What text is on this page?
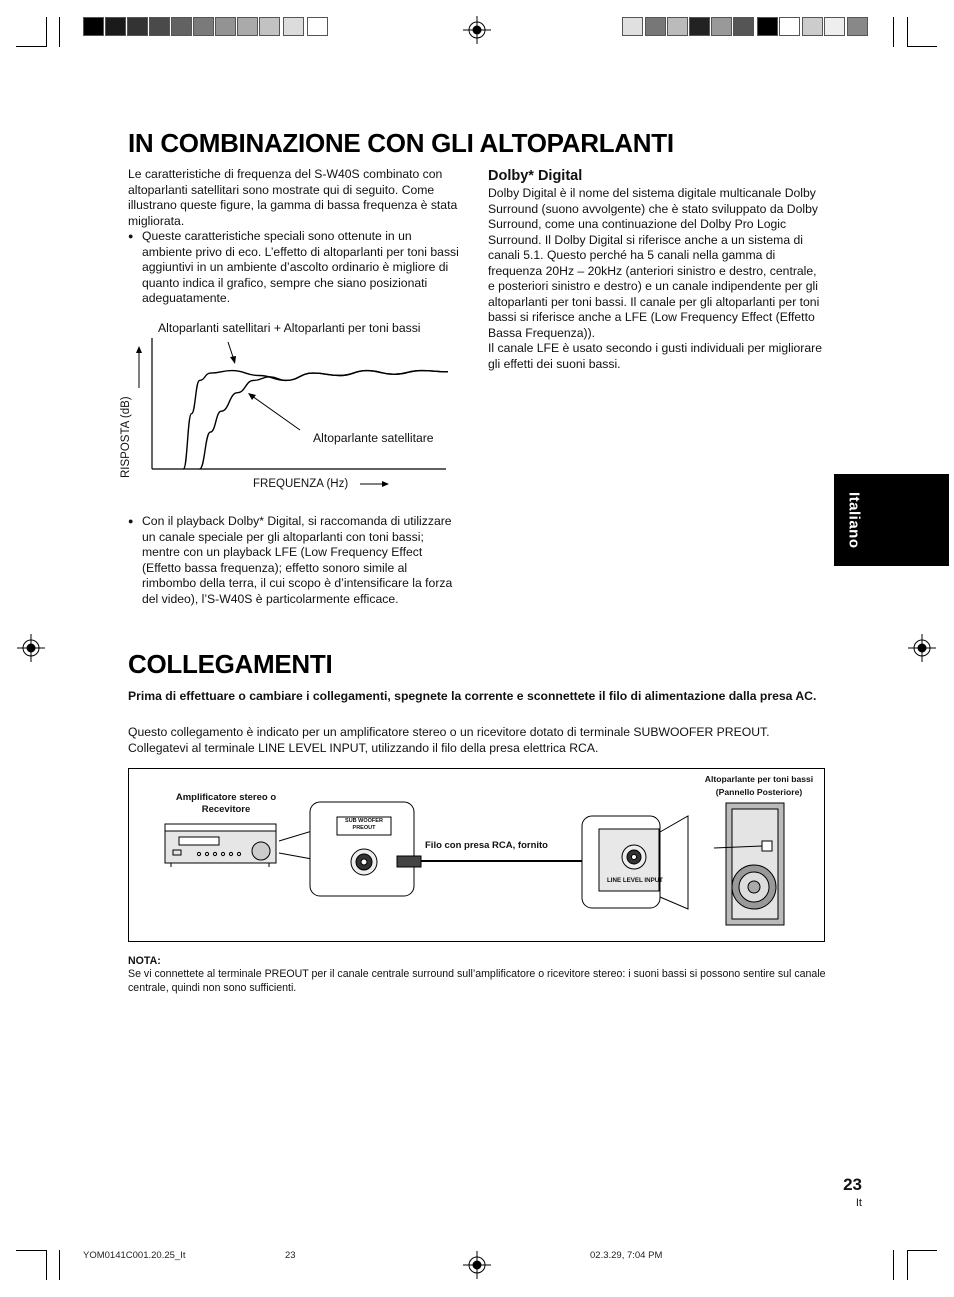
IN COMBINAZIONE CON GLI ALTOPARLANTI
Le caratteristiche di frequenza del S-W40S combinato con altoparlanti satellitari sono mostrate qui di seguito. Come illustrano queste figure, la gamma di bassa frequenza è stata migliorata.
● Queste caratteristiche speciali sono ottenute in un ambiente privo di eco. L’effetto di altoparlanti per toni bassi aggiuntivi in un ambiente d’ascolto ordinario è migliore di quanto indica il grafico, sempre che siano posizionati adeguatamente.
Altoparlanti satellitari + Altoparlanti per toni bassi
Altoparlante satellitare
RISPOSTA (dB)
FREQUENZA (Hz)
● Con il playback Dolby* Digital, si raccomanda di utilizzare un canale speciale per gli altoparlanti con toni bassi; mentre con un playback LFE (Low Frequency Effect (Effetto bassa frequenza); effetto sonoro simile al rimbombo della terra, il cui scopo è d’intensificare la forza del video), l’S-W40S è particolarmente efficace.
Dolby* Digital
Dolby Digital è il nome del sistema digitale multicanale Dolby Surround (suono avvolgente) che è stato sviluppato da Dolby Surround, come una continuazione del Dolby Pro Logic Surround. Il Dolby Digital si riferisce anche a un sistema di canali 5.1. Questo perché ha 5 canali nella gamma di frequenza 20Hz – 20kHz (anteriori sinistro e destro, centrale, e posteriori sinistro e destro) e un canale indipendente per gli altoparlanti per toni bassi. Il canale per gli altoparlanti per toni bassi si riferisce anche a LFE (Low Frequency Effect (Effetto Bassa Frequenza)).
Il canale LFE è usato secondo i gusti individuali per migliorare gli effetti dei suoni bassi.
Italiano
COLLEGAMENTI
Prima di effettuare o cambiare i collegamenti, spegnete la corrente e sconnettete il filo di alimentazione dalla presa AC.
Questo collegamento è indicato per un amplificatore stereo o un ricevitore dotato di terminale SUBWOOFER PREOUT. Collegatevi al terminale LINE LEVEL INPUT, utilizzando il filo della presa elettrica RCA.
Amplificatore stereo o Recevitore
SUB WOOFER PREOUT
Filo con presa RCA, fornito
LINE LEVEL INPUT
Altoparlante per toni bassi (Pannello Posteriore)
NOTA:
Se vi connettete al terminale PREOUT per il canale centrale surround sull’amplificatore o ricevitore stereo: i suoni bassi si possono sentire sul canale centrale, quindi non sono sufficienti.
23
It
YOM0141C001.20.25_It	23	02.3.29, 7:04 PM
